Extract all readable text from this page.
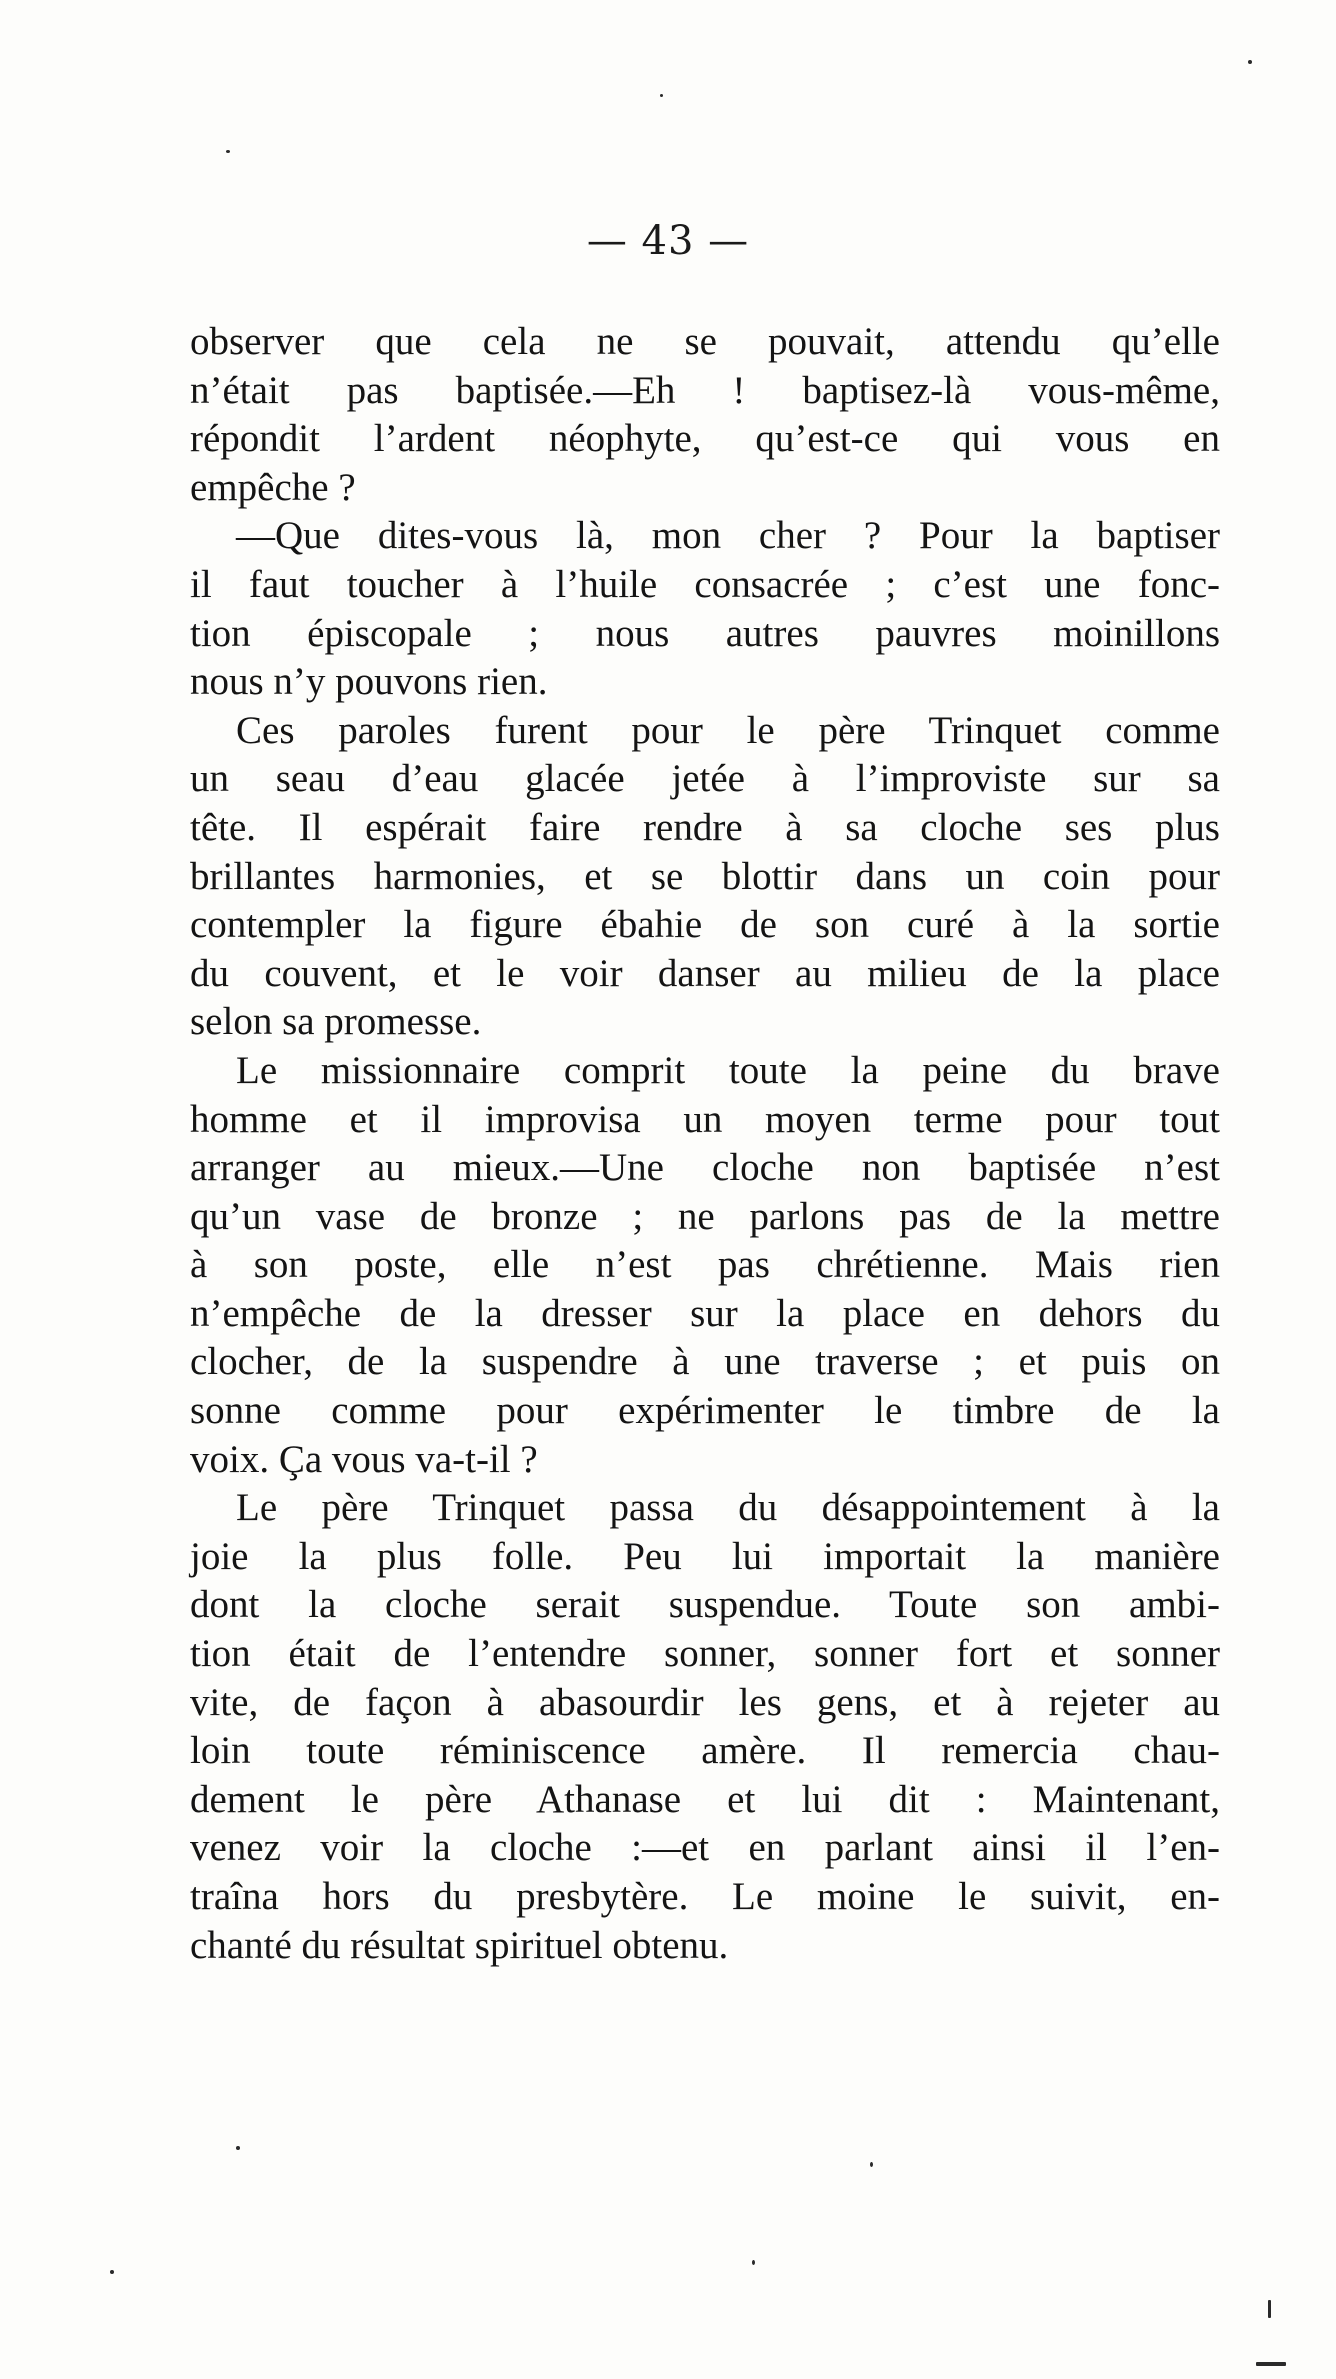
— 43 —
observer que cela ne se pouvait, attendu qu’elle
n’était pas baptisée.—Eh ! baptisez-là vous-même,
répondit l’ardent néophyte, qu’est-ce qui vous en
empêche ?
—Que dites-vous là, mon cher ? Pour la baptiser
il faut toucher à l’huile consacrée ; c’est une fonc-
tion épiscopale ; nous autres pauvres moinillons
nous n’y pouvons rien.
Ces paroles furent pour le père Trinquet comme
un seau d’eau glacée jetée à l’improviste sur sa
tête. Il espérait faire rendre à sa cloche ses plus
brillantes harmonies, et se blottir dans un coin pour
contempler la figure ébahie de son curé à la sortie
du couvent, et le voir danser au milieu de la place
selon sa promesse.
Le missionnaire comprit toute la peine du brave
homme et il improvisa un moyen terme pour tout
arranger au mieux.—Une cloche non baptisée n’est
qu’un vase de bronze ; ne parlons pas de la mettre
à son poste, elle n’est pas chrétienne. Mais rien
n’empêche de la dresser sur la place en dehors du
clocher, de la suspendre à une traverse ; et puis on
sonne comme pour expérimenter le timbre de la
voix. Ça vous va-t-il ?
Le père Trinquet passa du désappointement à la
joie la plus folle. Peu lui importait la manière
dont la cloche serait suspendue. Toute son ambi-
tion était de l’entendre sonner, sonner fort et sonner
vite, de façon à abasourdir les gens, et à rejeter au
loin toute réminiscence amère. Il remercia chau-
dement le père Athanase et lui dit : Maintenant,
venez voir la cloche :—et en parlant ainsi il l’en-
traîna hors du presbytère. Le moine le suivit, en-
chanté du résultat spirituel obtenu.
